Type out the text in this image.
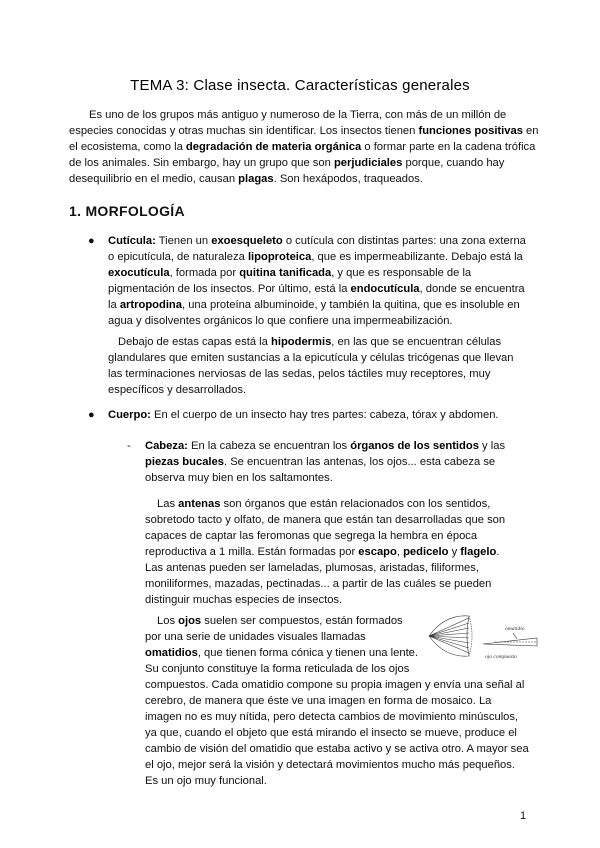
TEMA 3: Clase insecta. Características generales

Es uno de los grupos más antiguo y numeroso de la Tierra, con más de un millón de especies conocidas y otras muchas sin identificar. Los insectos tienen funciones positivas en el ecosistema, como la degradación de materia orgánica o formar parte en la cadena trófica de los animales. Sin embargo, hay un grupo que son perjudiciales porque, cuando hay desequilibrio en el medio, causan plagas. Son hexápodos, traqueados.

1. MORFOLOGÍA
● Cutícula: Tienen un exoesqueleto o cutícula con distintas partes: una zona externa o epicutícula, de naturaleza lipoproteica, que es impermeabilizante. Debajo está la exocutícula, formada por quitina tanificada, y que es responsable de la pigmentación de los insectos. Por último, está la endocutícula, donde se encuentra la artropodina, una proteína albuminoide, y también la quitina, que es insoluble en agua y disolventes orgánicos lo que confiere una impermeabilización.

Debajo de estas capas está la hipodermis, en las que se encuentran células glandulares que emiten sustancias a la epicutícula y células tricógenas que llevan las terminaciones nerviosas de las sedas, pelos táctiles muy receptores, muy específicos y desarrollados.

● Cuerpo: En el cuerpo de un insecto hay tres partes: cabeza, tórax y abdomen.

- Cabeza: En la cabeza se encuentran los órganos de los sentidos y las piezas bucales. Se encuentran las antenas, los ojos... esta cabeza se observa muy bien en los saltamontes.

Las antenas son órganos que están relacionados con los sentidos, sobretodo tacto y olfato, de manera que están tan desarrolladas que son capaces de captar las feromonas que segrega la hembra en época reproductiva a 1 milla. Están formadas por escapo, pedicelo y flagelo. Las antenas pueden ser lameladas, plumosas, aristadas, filiformes, moniliformes, mazadas, pectinadas... a partir de las cuáles se pueden distinguir muchas especies de insectos.

Los ojos suelen ser compuestos, están formados por una serie de unidades visuales llamadas omatidios, que tienen forma cónica y tienen una lente. Su conjunto constituye la forma reticulada de los ojos

compuestos. Cada omatidio compone su propia imagen y envía una señal al cerebro, de manera que éste ve una imagen en forma de mosaico. La imagen no es muy nítida, pero detecta cambios de movimiento minúsculos, ya que, cuando el objeto que está mirando el insecto se mueve, produce el cambio de visión del omatidio que estaba activo y se activa otro. A mayor sea el ojo, mejor será la visión y detectará movimientos mucho más pequeños. Es un ojo muy funcional.

omatidio
ojo compuesto
1
